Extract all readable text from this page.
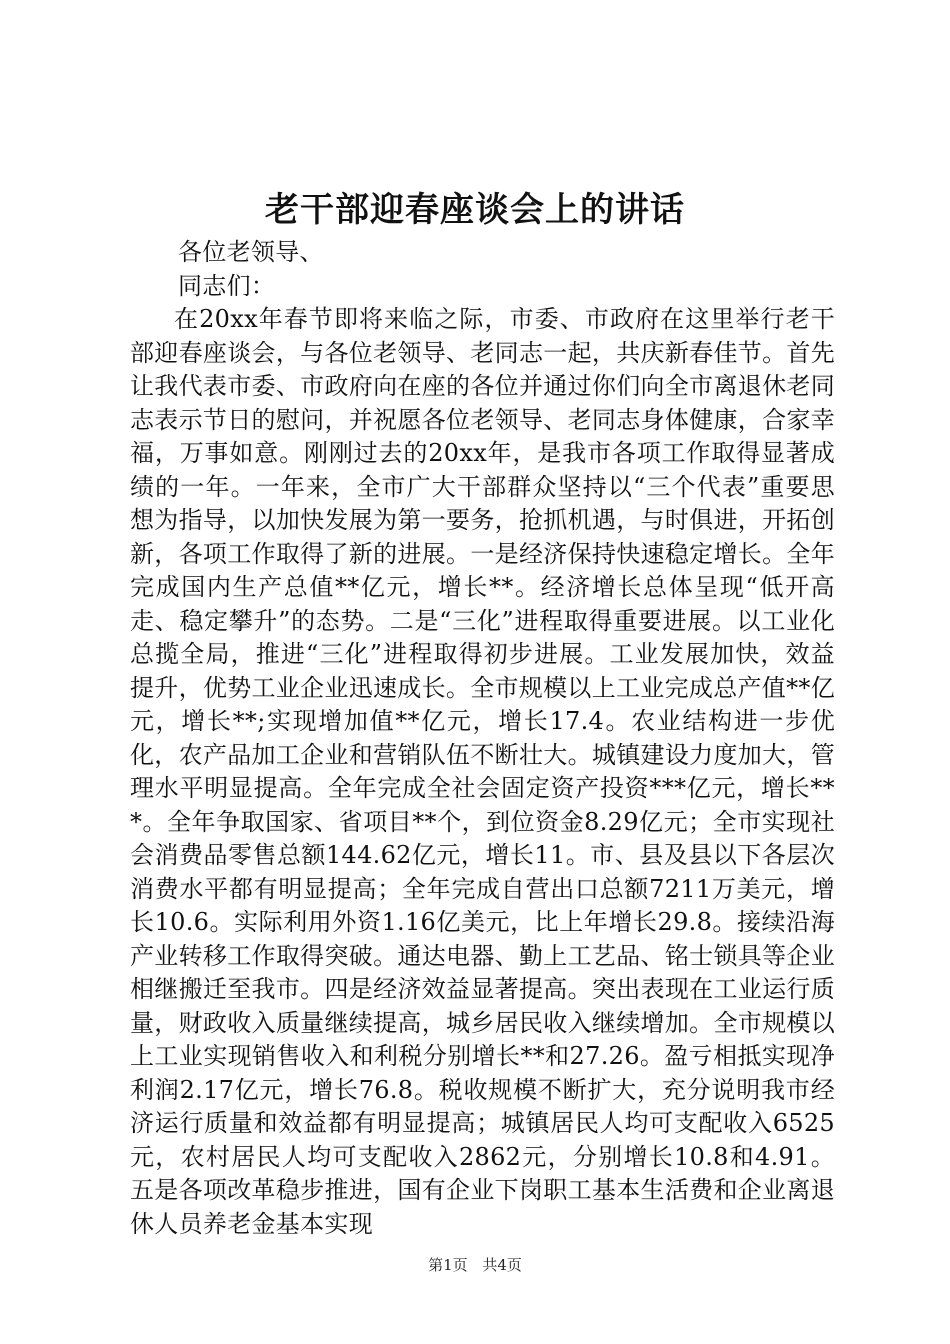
老干部迎春座谈会上的讲话

各位老领导、

同志们：

在20xx年春节即将来临之际，市委、市政府在这里举行老干部迎春座谈会，与各位老领导、老同志一起，共庆新春佳节。首先让我代表市委、市政府向在座的各位并通过你们向全市离退休老同志表示节日的慰问，并祝愿各位老领导、老同志身体健康，合家幸福，万事如意。刚刚过去的20xx年，是我市各项工作取得显著成绩的一年。一年来，全市广大干部群众坚持以“三个代表”重要思想为指导，以加快发展为第一要务，抢抓机遇，与时俱进，开拓创新，各项工作取得了新的进展。一是经济保持快速稳定增长。全年完成国内生产总值**亿元，增长**。经济增长总体呈现“低开高走、稳定攀升”的态势。二是“三化”进程取得重要进展。以工业化总揽全局，推进“三化”进程取得初步进展。工业发展加快，效益提升，优势工业企业迅速成长。全市规模以上工业完成总产值**亿元，增长**;实现增加值**亿元，增长17.4。农业结构进一步优化，农产品加工企业和营销队伍不断壮大。城镇建设力度加大，管理水平明显提高。全年完成全社会固定资产投资***亿元，增长***。全年争取国家、省项目**个，到位资金8.29亿元；全市实现社会消费品零售总额144.62亿元，增长11。市、县及县以下各层次消费水平都有明显提高；全年完成自营出口总额7211万美元，增长10.6。实际利用外资1.16亿美元，比上年增长29.8。接续沿海产业转移工作取得突破。通达电器、勤上工艺品、铭士锁具等企业相继搬迁至我市。四是经济效益显著提高。突出表现在工业运行质量，财政收入质量继续提高，城乡居民收入继续增加。全市规模以上工业实现销售收入和利税分别增长**和27.26。盈亏相抵实现净利润2.17亿元，增长76.8。税收规模不断扩大，充分说明我市经济运行质量和效益都有明显提高；城镇居民人均可支配收入6525元，农村居民人均可支配收入2862元，分别增长10.8和4.91。五是各项改革稳步推进，国有企业下岗职工基本生活费和企业离退休人员养老金基本实现

第1页 共4页
